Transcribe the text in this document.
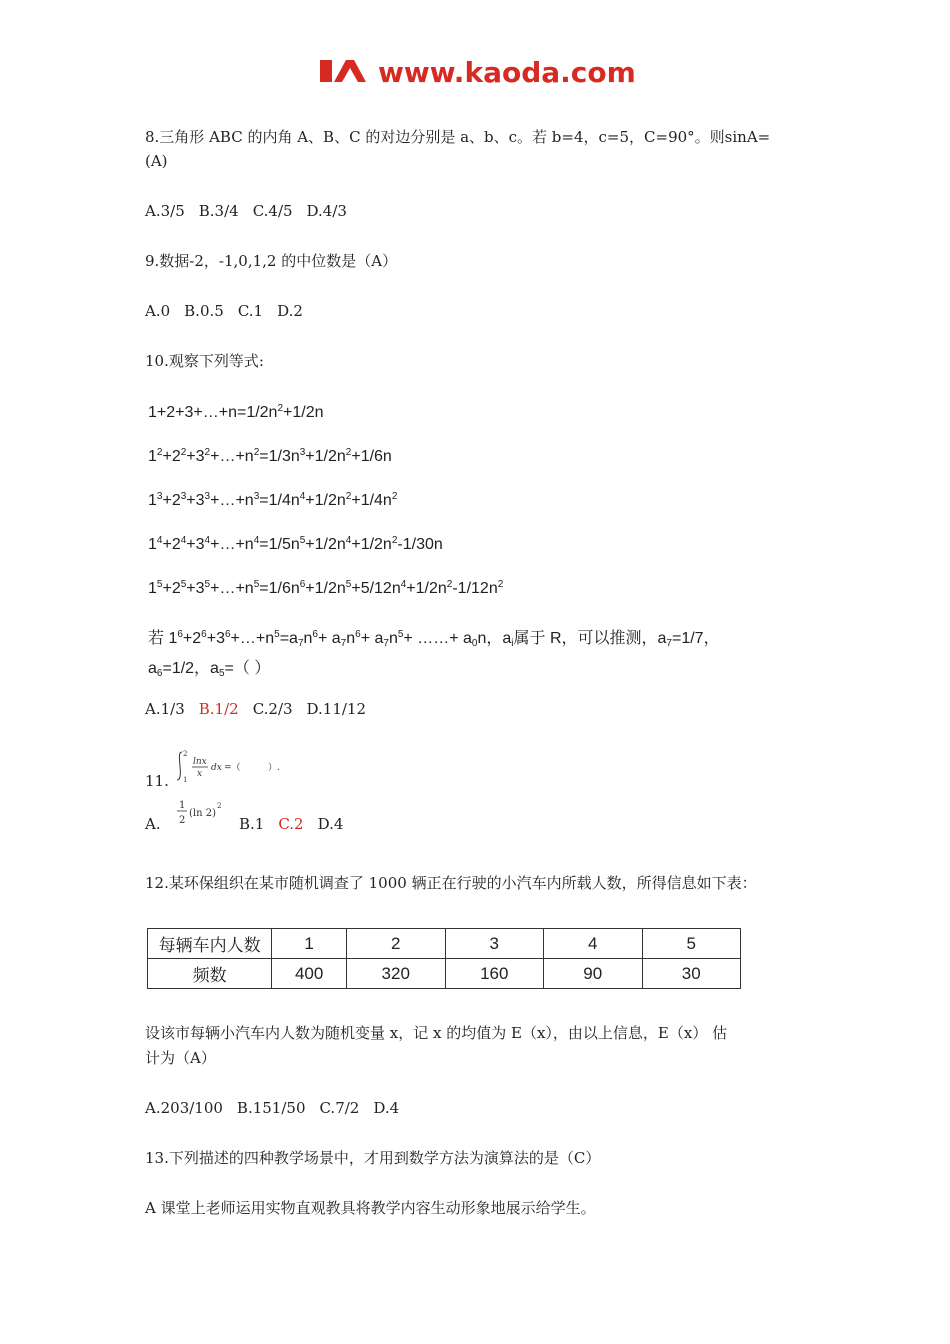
www.kaoda.com
8.三角形 ABC 的内角 A、B、C 的对边分别是 a、b、c。若 b=4，c=5，C=90°。则sinA=
(A)
A.3/5 B.3/4 C.4/5 D.4/3
9.数据-2，-1,0,1,2 的中位数是（A）
A.0 B.0.5 C.1 D.2
10.观察下列等式:
$1+2+3+\dots+n=1/2n^2+1/2n$
$1^2+2^2+3^2+\dots+n^2=1/3n^3+1/2n^2+1/6n$
$1^3+2^3+3^3+\dots+n^3=1/4n^4+1/2n^2+1/4n^2$
$1^4+2^4+3^4+\dots+n^4=1/5n^5+1/2n^4+1/2n^2-1/30n$
$1^5+2^5+3^5+\dots+n^5=1/6n^6+1/2n^5+5/12n^4+1/2n^2-1/12n^2$
若 $1^6+2^6+3^6+\dots+n^5=a_7n^6+ a_7n^6+ a_7n^5+$ ……+ $a_0n$，$a_i$属于 R，可以推测，$a_7=1/7$，
$a_6=1/2$，$a_5=$（ ）
A.1/3 B.1/2 C.2/3 D.11/12
2
1
lnx
x
dx =（	）.
11.
A.
1
2
(ln 2)
2
B.1 C.2 D.4
12.某环保组织在某市随机调查了 1000 辆正在行驶的小汽车内所载人数，所得信息如下表：
每辆车内人数	1	2	3	4	5
频数	400	320	160	90	30
设该市每辆小汽车内人数为随机变量 x，记 x 的均值为 E（x），由以上信息，E（x） 估
计为（A）
A.203/100 B.151/50 C.7/2 D.4
13.下列描述的四种教学场景中，才用到数学方法为演算法的是（C）
A 课堂上老师运用实物直观教具将教学内容生动形象地展示给学生。
